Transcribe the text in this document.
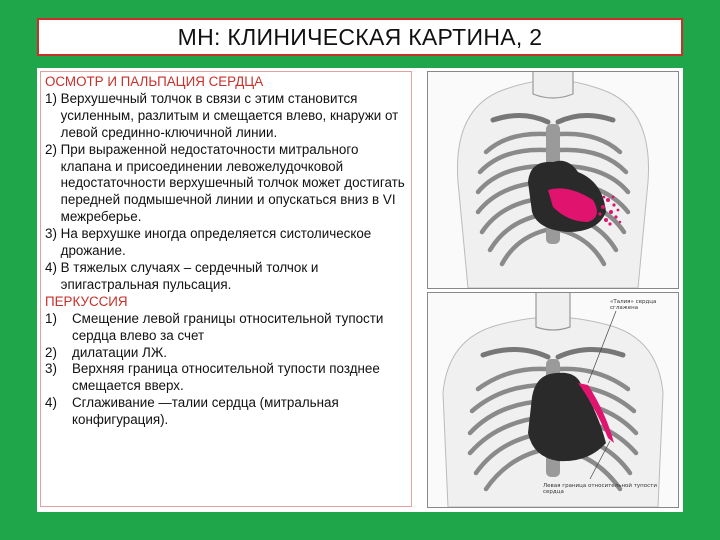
МН: КЛИНИЧЕСКАЯ КАРТИНА, 2
ОСМОТР И ПАЛЬПАЦИЯ СЕРДЦА
1)
Верхушечный толчок в связи с этим становится усиленным, разлитым и смещается влево, кнаружи от левой срединно-ключичной линии.
2)
При выраженной недостаточности митрального клапана и присоединении левожелудочковой недостаточности верхушечный толчок может достигать передней подмышечной линии и опускаться вниз в VI межреберье.
3)
На верхушке иногда определяется систолическое дрожание.
4)
В тяжелых случаях – сердечный толчок и эпигастральная пульсация.
ПЕРКУССИЯ
1)	Смещение левой границы относительной тупости сердца влево за счет
2)	дилатации ЛЖ.
3)	Верхняя граница относительной тупости позднее смещается вверх.
4)	Сглаживание —талии сердца (митральная конфигурация).
«Талия» сердца сглажена
Левая граница относительной тупости сердца
